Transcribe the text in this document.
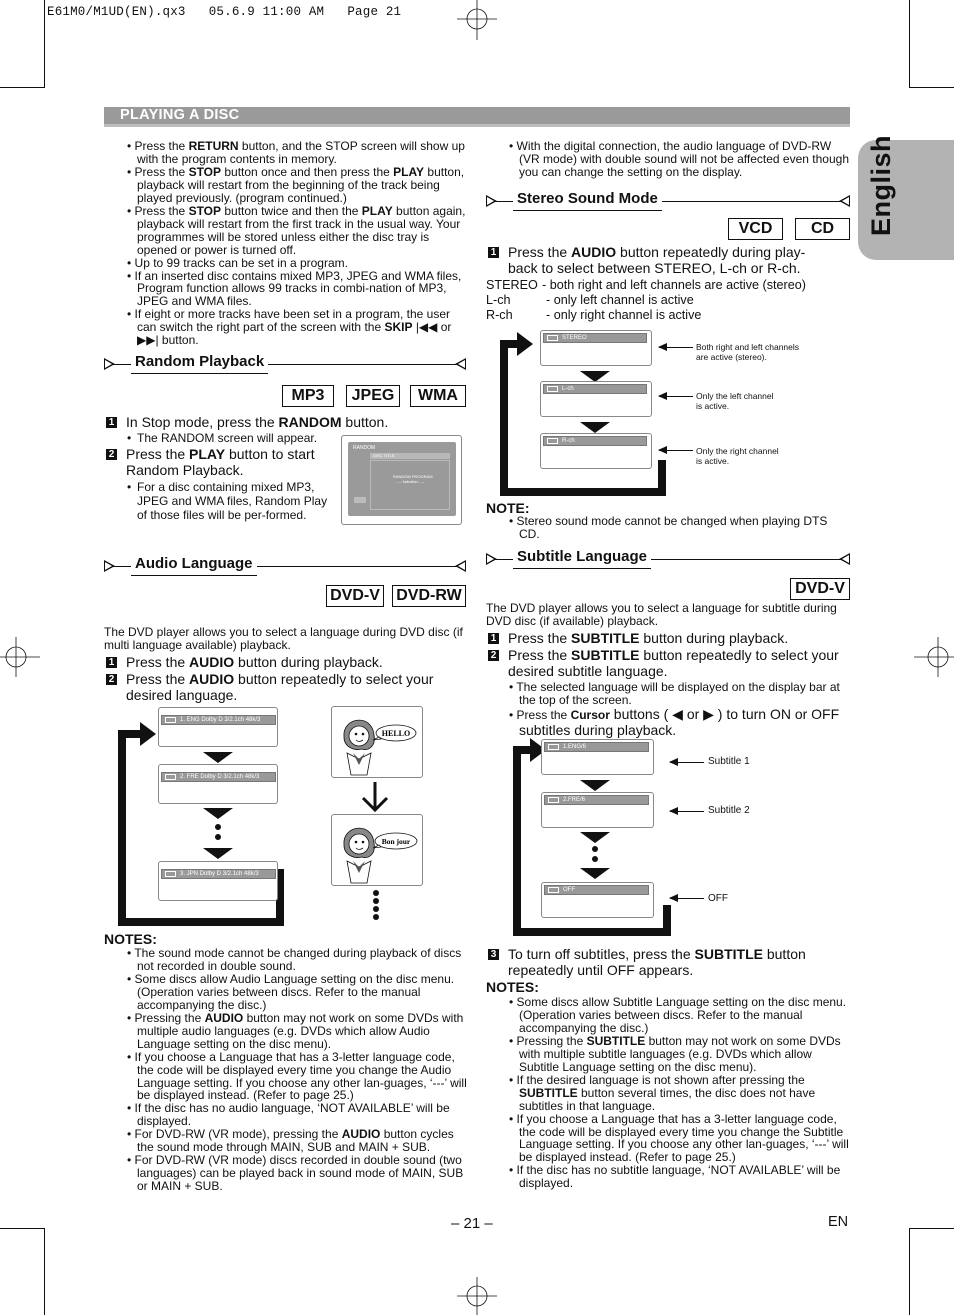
E61M0/M1UD(EN).qx3   05.6.9 11:00 AM   Page 21
PLAYING A DISC
English
• Press the RETURN button, and the STOP screen will show up with the program contents in memory.
• Press the STOP button once and then press the PLAY button, playback will restart from the beginning of the track being played previously. (program continued.)
• Press the STOP button twice and then the PLAY button again, playback will restart from the first track in the usual way. Your programmes will be stored unless either the disc tray is opened or power is turned off.
• Up to 99 tracks can be set in a program.
• If an inserted disc contains mixed MP3, JPEG and WMA files, Program function allows 99 tracks in combi-nation of MP3, JPEG and WMA files.
• If eight or more tracks have been set in a program, the user can switch the right part of the screen with the SKIP |◀◀ or ▶▶| button.
Random Playback
MP3	JPEG	WMA
1 In Stop mode, press the RANDOM button.
• The RANDOM screen will appear.
2 Press the PLAY button to start Random Playback.
• For a disc containing mixed MP3, JPEG and WMA files, Random Play of those files will be per-formed.
RANDOM
DISC TITLE
RANDOM PROGRAM
-- -- Indication -- --
Audio Language
DVD-V DVD-RW
The DVD player allows you to select a language during DVD disc (if multi language available) playback.
1 Press the AUDIO button during playback.
2 Press the AUDIO button repeatedly to select your desired language.
1. ENG Dolby D 3/2.1ch 48k/3
2. FRE Dolby D 3/2.1ch 48k/3
3. JPN Dolby D 3/2.1ch 48k/3
HELLO
Bon jour
NOTES:
• The sound mode cannot be changed during playback of discs not recorded in double sound.
• Some discs allow Audio Language setting on the disc menu. (Operation varies between discs. Refer to the manual accompanying the disc.)
• Pressing the AUDIO button may not work on some DVDs with multiple audio languages (e.g. DVDs which allow Audio Language setting on the disc menu).
• If you choose a Language that has a 3-letter language code, the code will be displayed every time you change the Audio Language setting. If you choose any other lan-guages, ‘---’ will be displayed instead. (Refer to page 25.)
• If the disc has no audio language, ‘NOT AVAILABLE’ will be displayed.
• For DVD-RW (VR mode), pressing the AUDIO button cycles the sound mode through MAIN, SUB and MAIN + SUB.
• For DVD-RW (VR mode) discs recorded in double sound (two languages) can be played back in sound mode of MAIN, SUB or MAIN + SUB.
• With the digital connection, the audio language of DVD-RW (VR mode) with double sound will not be affected even though you can change the setting on the display.
Stereo Sound Mode
VCD	CD
1 Press the AUDIO button repeatedly during play-back to select between STEREO, L-ch or R-ch.
STEREO - both right and left channels are active (stereo)
L-ch	- only left channel is active
R-ch	- only right channel is active
STEREO
L-ch
R-ch
Both right and left channels
are active (stereo).
Only the left channel
is active.
Only the right channel
is active.
NOTE:
• Stereo sound mode cannot be changed when playing DTS CD.
Subtitle Language
DVD-V
The DVD player allows you to select a language for subtitle during DVD disc (if available) playback.
1 Press the SUBTITLE button during playback.
2 Press the SUBTITLE button repeatedly to select your desired subtitle language.
• The selected language will be displayed on the display bar at the top of the screen.
• Press the Cursor buttons ( ◀ or ▶ ) to turn ON or OFF subtitles during playback.
1.ENG/6
2.FRE/6
OFF
Subtitle 1
Subtitle 2
OFF
3 To turn off subtitles, press the SUBTITLE button repeatedly until OFF appears.
NOTES:
• Some discs allow Subtitle Language setting on the disc menu. (Operation varies between discs. Refer to the manual accompanying the disc.)
• Pressing the SUBTITLE button may not work on some DVDs with multiple subtitle languages (e.g. DVDs which allow Subtitle Language setting on the disc menu).
• If the desired language is not shown after pressing the SUBTITLE button several times, the disc does not have subtitles in that language.
• If you choose a Language that has a 3-letter language code, the code will be displayed every time you change the Subtitle Language setting. If you choose any other lan-guages, ‘---’ will be displayed instead. (Refer to page 25.)
• If the disc has no subtitle language, ‘NOT AVAILABLE’ will be displayed.
– 21 –	EN
